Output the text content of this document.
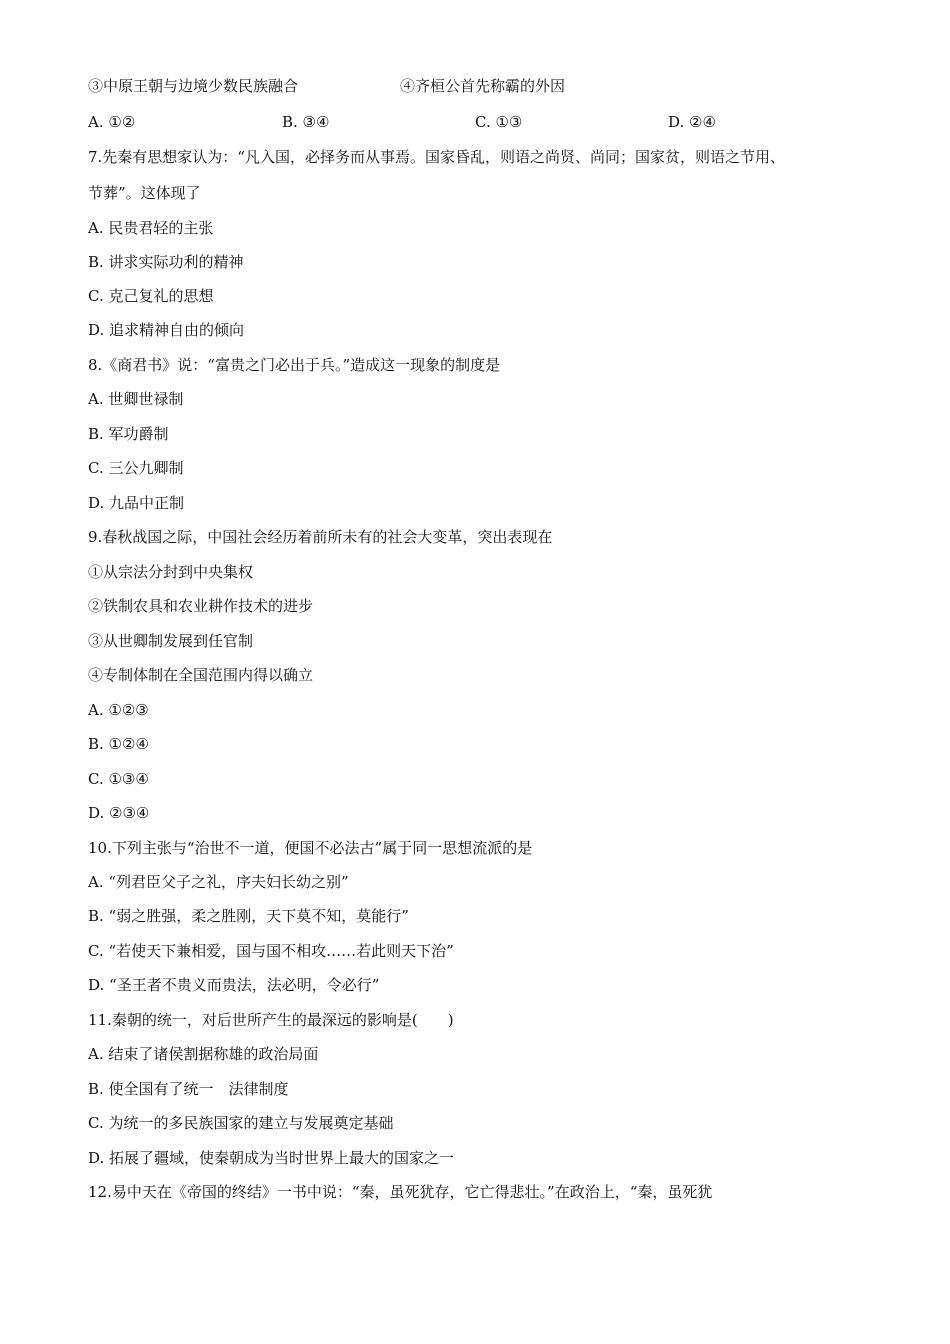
③中原王朝与边境少数民族融合	④齐桓公首先称霸的外因
A. ①②	B. ③④	C. ①③	D. ②④
7.先秦有思想家认为：“凡入国，必择务而从事焉。国家昏乱，则语之尚贤、尚同；国家贫，则语之节用、
节葬”。这体现了
A. 民贵君轻的主张
B. 讲求实际功利的精神
C. 克己复礼的思想
D. 追求精神自由的倾向
8.《商君书》说：“富贵之门必出于兵。”造成这一现象的制度是
A. 世卿世禄制
B. 军功爵制
C. 三公九卿制
D. 九品中正制
9.春秋战国之际，中国社会经历着前所未有的社会大变革，突出表现在
①从宗法分封到中央集权
②铁制农具和农业耕作技术的进步
③从世卿制发展到任官制
④专制体制在全国范围内得以确立
A. ①②③
B. ①②④
C. ①③④
D. ②③④
10.下列主张与“治世不一道，便国不必法古”属于同一思想流派的是
A. “列君臣父子之礼，序夫妇长幼之别”
B. “弱之胜强，柔之胜刚，天下莫不知，莫能行”
C. “若使天下兼相爱，国与国不相攻……若此则天下治”
D. “圣王者不贵义而贵法，法必明，令必行”
11.秦朝的统一，对后世所产生的最深远的影响是(　　)
A. 结束了诸侯割据称雄的政治局面
B. 使全国有了统一　法律制度
C. 为统一的多民族国家的建立与发展奠定基础
D. 拓展了疆域，使秦朝成为当时世界上最大的国家之一
12.易中天在《帝国的终结》一书中说：“秦，虽死犹存，它亡得悲壮。”在政治上，“秦，虽死犹
